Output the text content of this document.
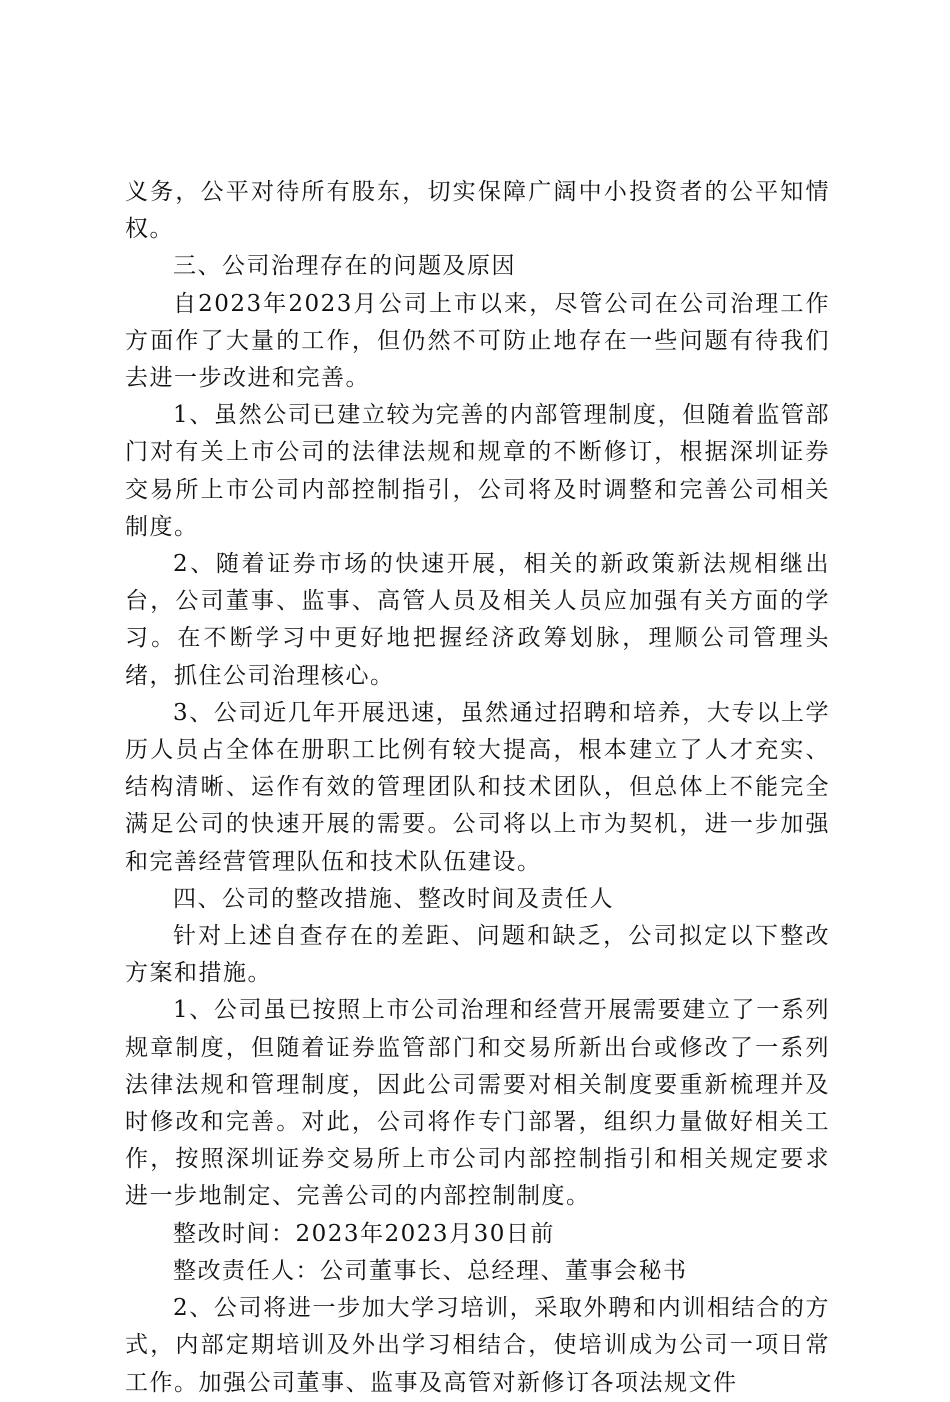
义务，公平对待所有股东，切实保障广阔中小投资者的公平知情权。

三、公司治理存在的问题及原因

自2023年2023月公司上市以来，尽管公司在公司治理工作方面作了大量的工作，但仍然不可防止地存在一些问题有待我们去进一步改进和完善。

1、虽然公司已建立较为完善的内部管理制度，但随着监管部门对有关上市公司的法律法规和规章的不断修订，根据深圳证券交易所上市公司内部控制指引，公司将及时调整和完善公司相关制度。

2、随着证券市场的快速开展，相关的新政策新法规相继出台，公司董事、监事、高管人员及相关人员应加强有关方面的学习。在不断学习中更好地把握经济政筹划脉，理顺公司管理头绪，抓住公司治理核心。

3、公司近几年开展迅速，虽然通过招聘和培养，大专以上学历人员占全体在册职工比例有较大提高，根本建立了人才充实、结构清晰、运作有效的管理团队和技术团队，但总体上不能完全满足公司的快速开展的需要。公司将以上市为契机，进一步加强和完善经营管理队伍和技术队伍建设。

四、公司的整改措施、整改时间及责任人

针对上述自查存在的差距、问题和缺乏，公司拟定以下整改方案和措施。

1、公司虽已按照上市公司治理和经营开展需要建立了一系列规章制度，但随着证券监管部门和交易所新出台或修改了一系列法律法规和管理制度，因此公司需要对相关制度要重新梳理并及时修改和完善。对此，公司将作专门部署，组织力量做好相关工作，按照深圳证券交易所上市公司内部控制指引和相关规定要求进一步地制定、完善公司的内部控制制度。

整改时间：2023年2023月30日前

整改责任人：公司董事长、总经理、董事会秘书

2、公司将进一步加大学习培训，采取外聘和内训相结合的方式，内部定期培训及外出学习相结合，使培训成为公司一项日常工作。加强公司董事、监事及高管对新修订各项法规文件
